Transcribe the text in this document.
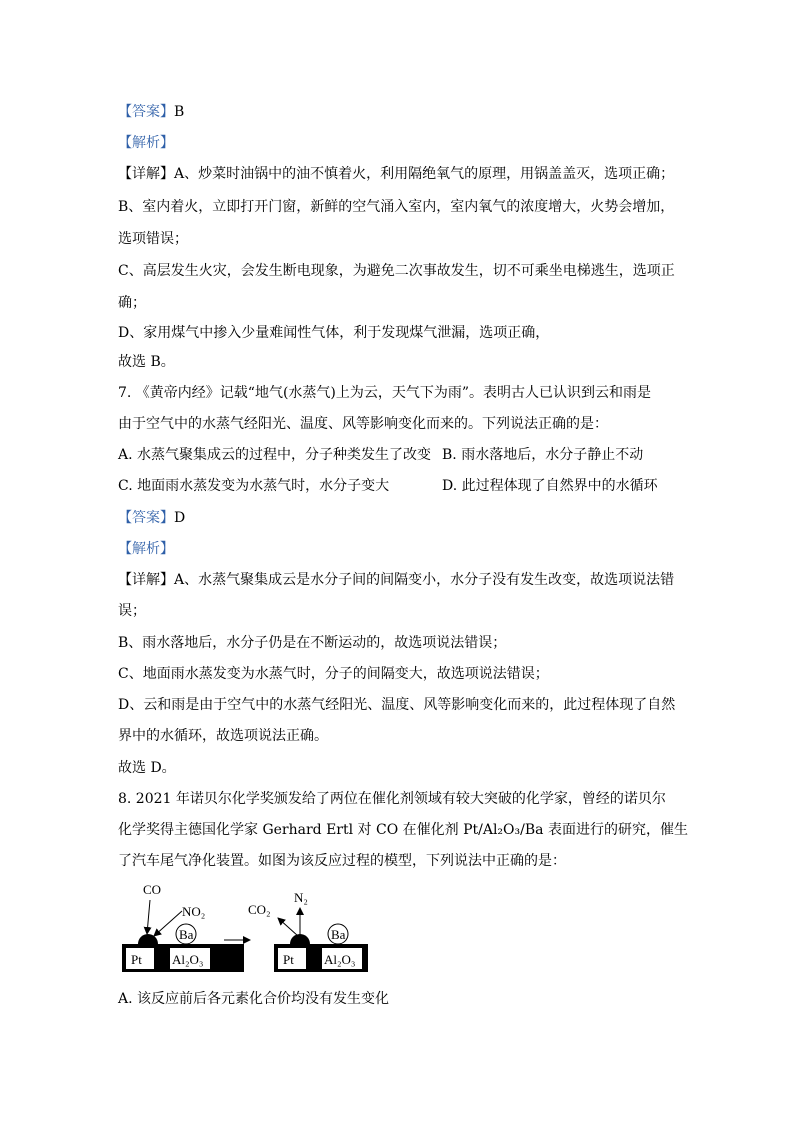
【答案】B
【解析】
【详解】A、炒菜时油锅中的油不慎着火，利用隔绝氧气的原理，用锅盖盖灭，选项正确；
B、室内着火，立即打开门窗，新鲜的空气涌入室内，室内氧气的浓度增大，火势会增加，
选项错误；
C、高层发生火灾，会发生断电现象，为避免二次事故发生，切不可乘坐电梯逃生，选项正
确；
D、家用煤气中掺入少量难闻性气体，利于发现煤气泄漏，选项正确，
故选 B。
7. 《黄帝内经》记载“地气(水蒸气)上为云，天气下为雨”。表明古人已认识到云和雨是
由于空气中的水蒸气经阳光、温度、风等影响变化而来的。下列说法正确的是：
A. 水蒸气聚集成云的过程中，分子种类发生了改变 B. 雨水落地后，水分子静止不动
C. 地面雨水蒸发变为水蒸气时，水分子变大	D. 此过程体现了自然界中的水循环
【答案】D
【解析】
【详解】A、水蒸气聚集成云是水分子间的间隔变小，水分子没有发生改变，故选项说法错
误；
B、雨水落地后，水分子仍是在不断运动的，故选项说法错误；
C、地面雨水蒸发变为水蒸气时，分子的间隔变大，故选项说法错误；
D、云和雨是由于空气中的水蒸气经阳光、温度、风等影响变化而来的，此过程体现了自然
界中的水循环，故选项说法正确。
故选 D。
8. 2021 年诺贝尔化学奖颁发给了两位在催化剂领域有较大突破的化学家，曾经的诺贝尔
化学奖得主德国化学家 Gerhard Ertl 对 CO 在催化剂 Pt/Al₂O₃/Ba 表面进行的研究，催生
了汽车尾气净化装置。如图为该反应过程的模型，下列说法中正确的是：
Pt Al₂O₃
Ba
CO
NO₂
Pt Al₂O₃
Ba
CO₂
N₂
A. 该反应前后各元素化合价均没有发生变化
